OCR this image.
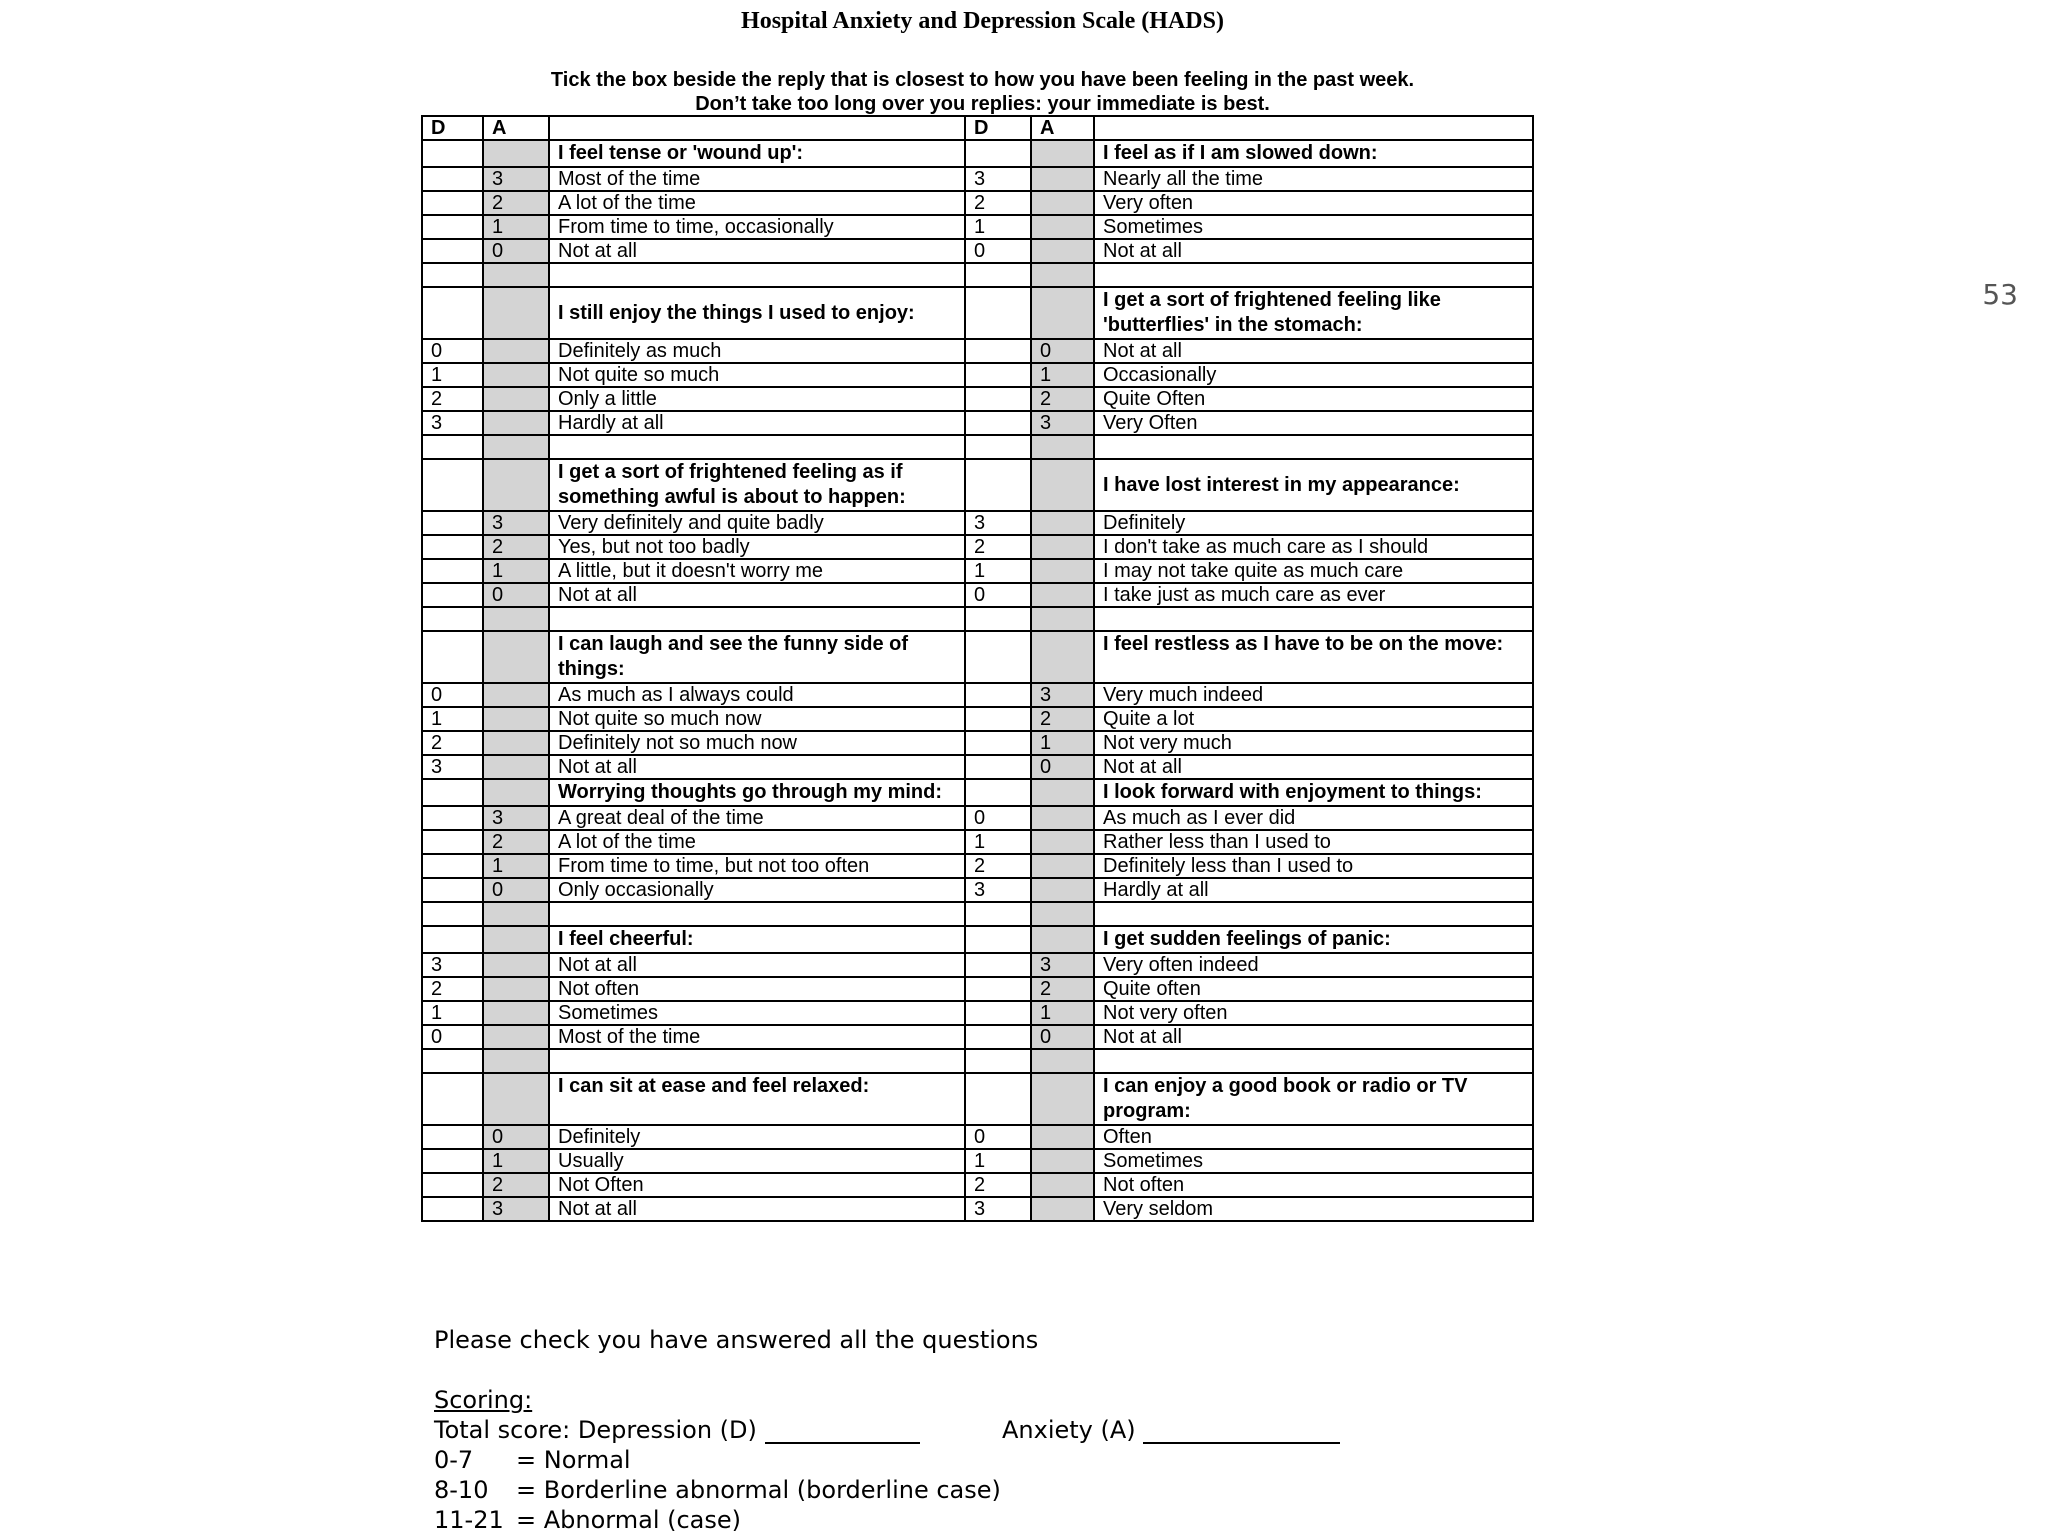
Hospital Anxiety and Depression Scale (HADS)
Tick the box beside the reply that is closest to how you have been feeling in the past week.
Don’t take too long over you replies: your immediate is best.
53
D	A		D	A	
		I feel tense or 'wound up':			I feel as if I am slowed down:
	3	Most of the time	3		Nearly all the time
	2	A lot of the time	2		Very often
	1	From time to time, occasionally	1		Sometimes
	0	Not at all	0		Not at all

		I still enjoy the things I used to enjoy:			I get a sort of frightened feeling like 'butterflies' in the stomach:
0		Definitely as much		0	Not at all
1		Not quite so much		1	Occasionally
2		Only a little		2	Quite Often
3		Hardly at all		3	Very Often

		I get a sort of frightened feeling as if something awful is about to happen:			I have lost interest in my appearance:
	3	Very definitely and quite badly	3		Definitely
	2	Yes, but not too badly	2		I don't take as much care as I should
	1	A little, but it doesn't worry me	1		I may not take quite as much care
	0	Not at all	0		I take just as much care as ever

		I can laugh and see the funny side of things:			I feel restless as I have to be on the move:
0		As much as I always could		3	Very much indeed
1		Not quite so much now		2	Quite a lot
2		Definitely not so much now		1	Not very much
3		Not at all		0	Not at all
		Worrying thoughts go through my mind:			I look forward with enjoyment to things:
	3	A great deal of the time	0		As much as I ever did
	2	A lot of the time	1		Rather less than I used to
	1	From time to time, but not too often	2		Definitely less than I used to
	0	Only occasionally	3		Hardly at all

		I feel cheerful:			I get sudden feelings of panic:
3		Not at all		3	Very often indeed
2		Not often		2	Quite often
1		Sometimes		1	Not very often
0		Most of the time		0	Not at all

		I can sit at ease and feel relaxed:			I can enjoy a good book or radio or TV program:
	0	Definitely	0		Often
	1	Usually	1		Sometimes
	2	Not Often	2		Not often
	3	Not at all	3		Very seldom
Please check you have answered all the questions
Scoring:
Total score: Depression (D)	Anxiety (A)
0-7 = Normal
8-10 = Borderline abnormal (borderline case)
11-21 = Abnormal (case)
